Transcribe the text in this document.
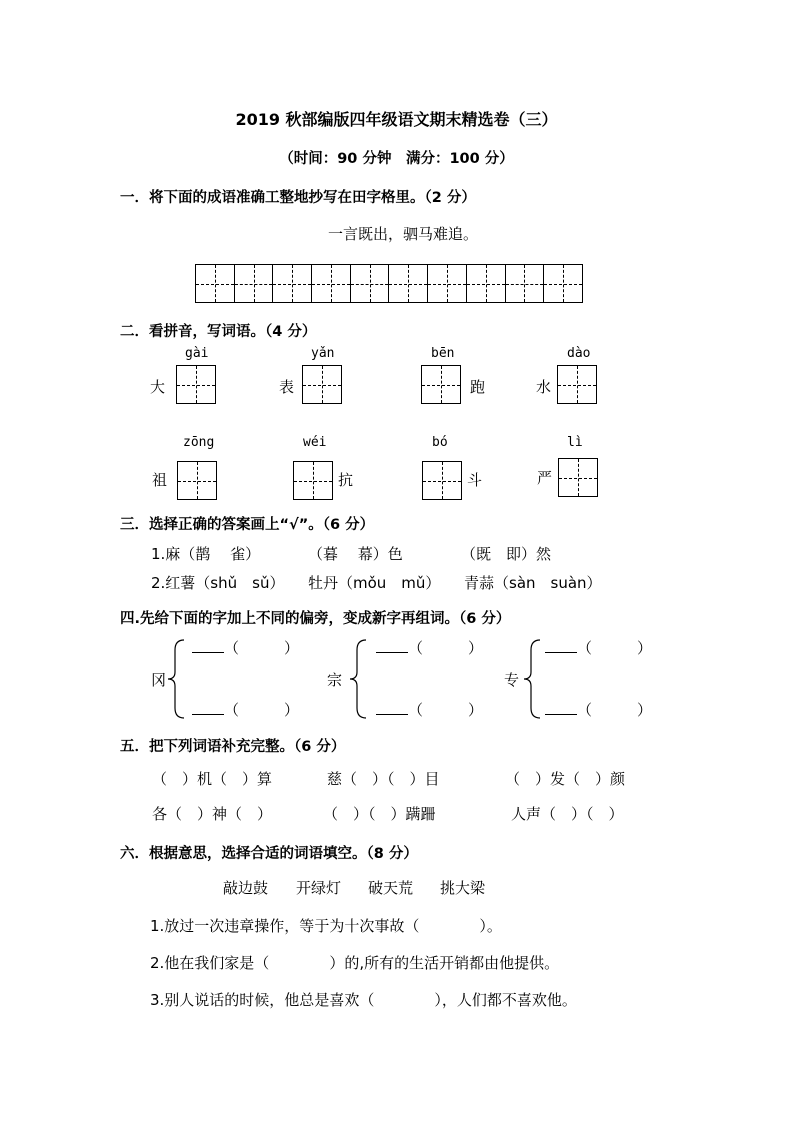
2019 秋部编版四年级语文期末精选卷（三）
（时间：90 分钟　满分：100 分）
一．将下面的成语准确工整地抄写在田字格里。（2 分）
一言既出，驷马难追。
二．看拼音，写词语。（4 分）
gài
大
yǎn
表
bēn
跑
dào
水
zōng
祖
wéi
抗
bó
斗
lì
严
三．选择正确的答案画上“√”。（6 分）
1.麻（鹊　 雀）	（暮　 幕）色	（既　即）然
2.红薯（shǔ　sǔ） 牡丹（mǒu　mǔ） 青蒜（sàn　suàn）
四.先给下面的字加上不同的偏旁，变成新字再组词。（6 分）
冈
（　　　）
（　　　）
宗
（　　　）
（　　　）
专
（　　　）
（　　　）
五．把下列词语补充完整。（6 分）
（　）机（　）算	慈（　）（　）目	（　）发（　）颜
各（　）神（　）	（　）（　）蹒跚	人声（　）（　）
六．根据意思，选择合适的词语填空。（8 分）
敲边鼓 开绿灯 破天荒 挑大梁
1.放过一次违章操作，等于为十次事故（　　　　）。
2.他在我们家是（　　　　）的,所有的生活开销都由他提供。
3.别人说话的时候，他总是喜欢（　　　　），人们都不喜欢他。
